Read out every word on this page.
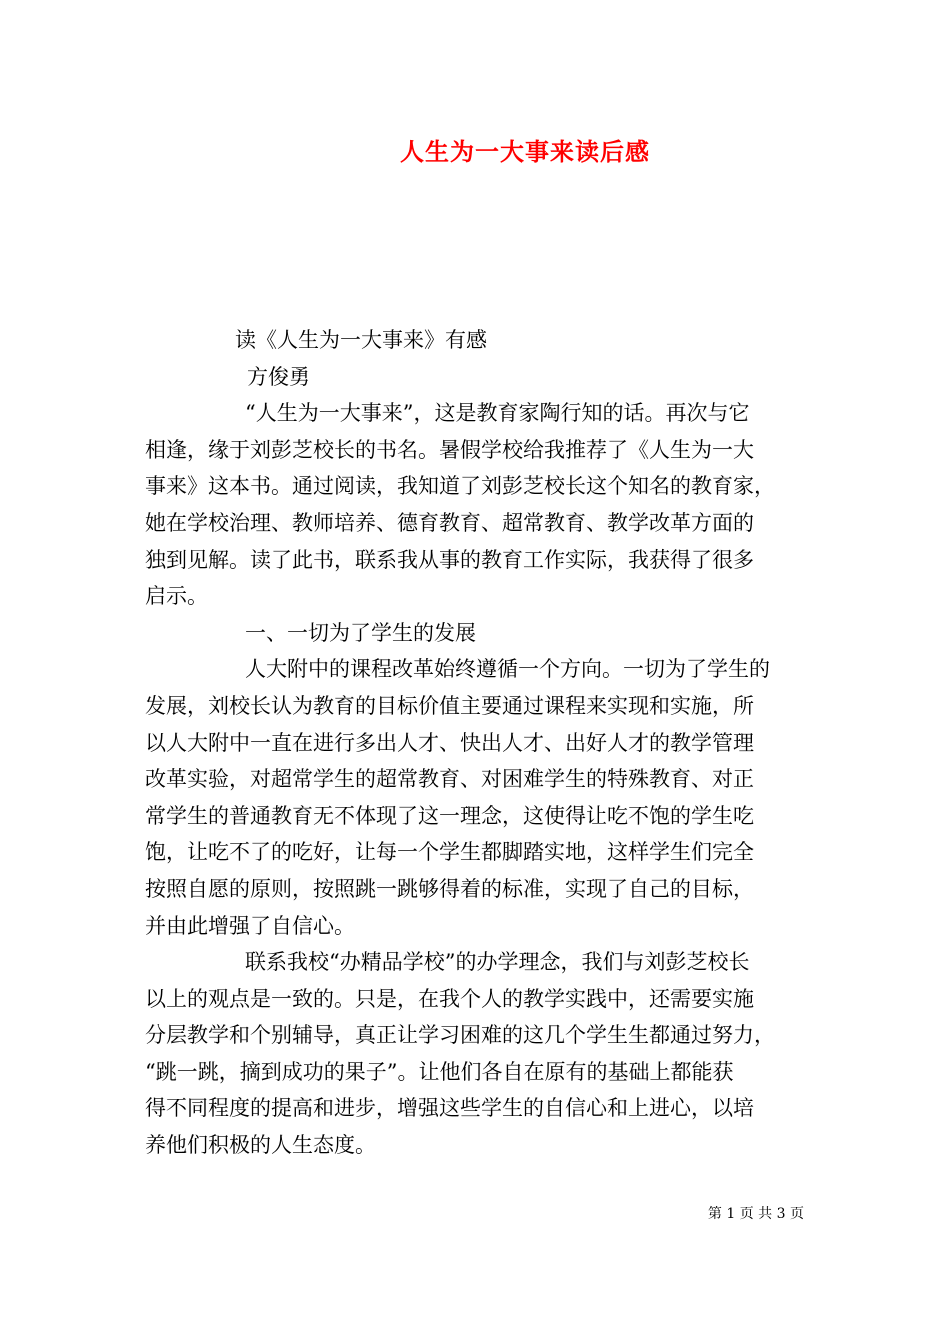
人生为一大事来读后感

读《人生为一大事来》有感

方俊勇

“人生为一大事来”，这是教育家陶行知的话。再次与它

相逢，缘于刘彭芝校长的书名。暑假学校给我推荐了《人生为一大

事来》这本书。通过阅读，我知道了刘彭芝校长这个知名的教育家，

她在学校治理、教师培养、德育教育、超常教育、教学改革方面的

独到见解。读了此书，联系我从事的教育工作实际，我获得了很多

启示。

一、一切为了学生的发展

人大附中的课程改革始终遵循一个方向。一切为了学生的

发展，刘校长认为教育的目标价值主要通过课程来实现和实施，所

以人大附中一直在进行多出人才、快出人才、出好人才的教学管理

改革实验，对超常学生的超常教育、对困难学生的特殊教育、对正

常学生的普通教育无不体现了这一理念，这使得让吃不饱的学生吃

饱，让吃不了的吃好，让每一个学生都脚踏实地，这样学生们完全

按照自愿的原则，按照跳一跳够得着的标准，实现了自己的目标，

并由此增强了自信心。

联系我校“办精品学校”的办学理念，我们与刘彭芝校长

以上的观点是一致的。只是，在我个人的教学实践中，还需要实施

分层教学和个别辅导，真正让学习困难的这几个学生生都通过努力，

“跳一跳，摘到成功的果子”。让他们各自在原有的基础上都能获

得不同程度的提高和进步，增强这些学生的自信心和上进心，以培

养他们积极的人生态度。

第 1 页 共 3 页
